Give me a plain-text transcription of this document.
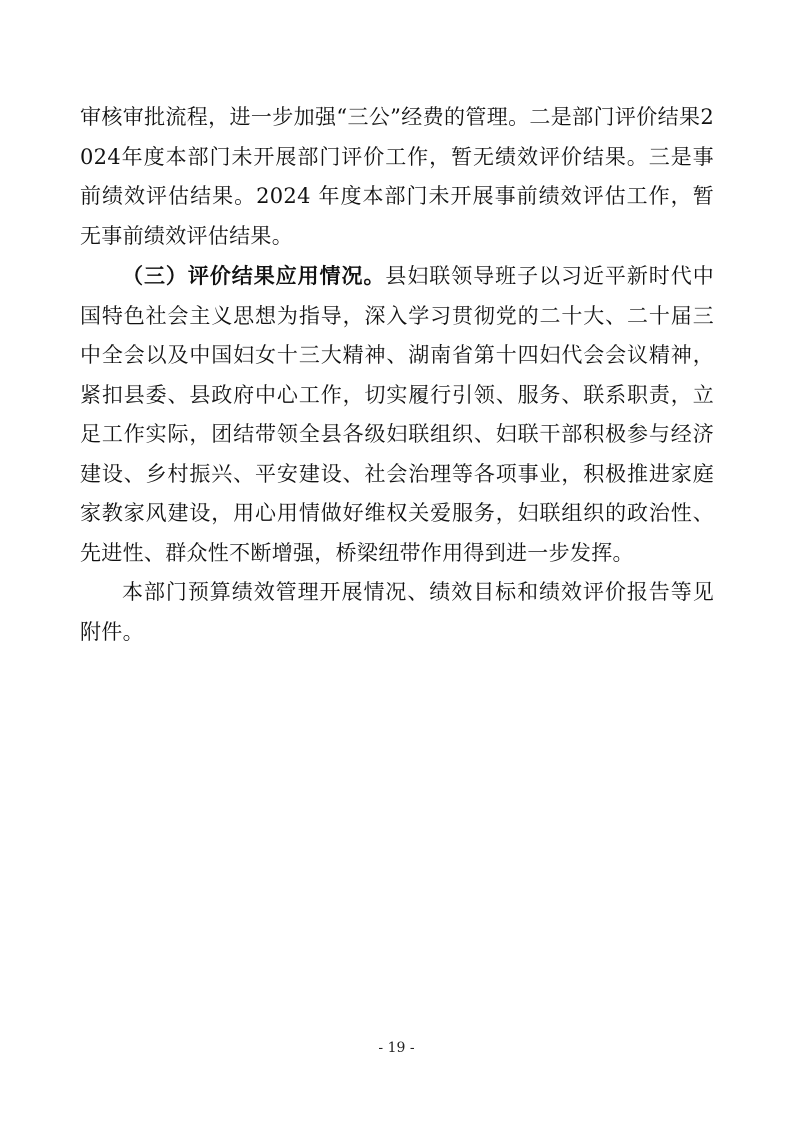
审核审批流程，进一步加强“三公”经费的管理。二是部门评价结果2024年度本部门未开展部门评价工作，暂无绩效评价结果。三是事前绩效评估结果。2024 年度本部门未开展事前绩效评估工作，暂无事前绩效评估结果。

（三）评价结果应用情况。县妇联领导班子以习近平新时代中国特色社会主义思想为指导，深入学习贯彻党的二十大、二十届三中全会以及中国妇女十三大精神、湖南省第十四妇代会会议精神，紧扣县委、县政府中心工作，切实履行引领、服务、联系职责，立足工作实际，团结带领全县各级妇联组织、妇联干部积极参与经济建设、乡村振兴、平安建设、社会治理等各项事业，积极推进家庭家教家风建设，用心用情做好维权关爱服务，妇联组织的政治性、先进性、群众性不断增强，桥梁纽带作用得到进一步发挥。

本部门预算绩效管理开展情况、绩效目标和绩效评价报告等见附件。

- 19 -
